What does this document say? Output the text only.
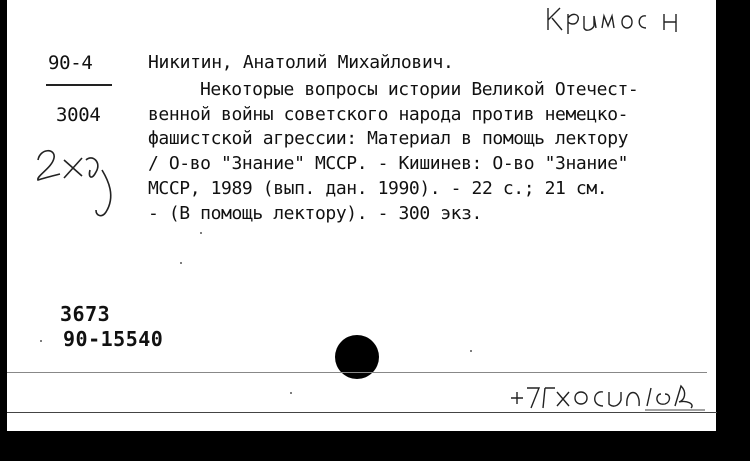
90-4
3004
Никитин, Анатолий Михайлович.
Некоторые вопросы истории Великой Отечест-
венной войны советского народа против немецко-
фашистской агрессии: Материал в помощь лектору
/ О-во "Знание" МССР. - Кишинев: О-во "Знание"
МССР, 1989 (вып. дан. 1990). - 22 с.; 21 см.
- (В помощь лектору). - 300 экз.
3673
90-15540
крилос н
2xx
+71хосичв
